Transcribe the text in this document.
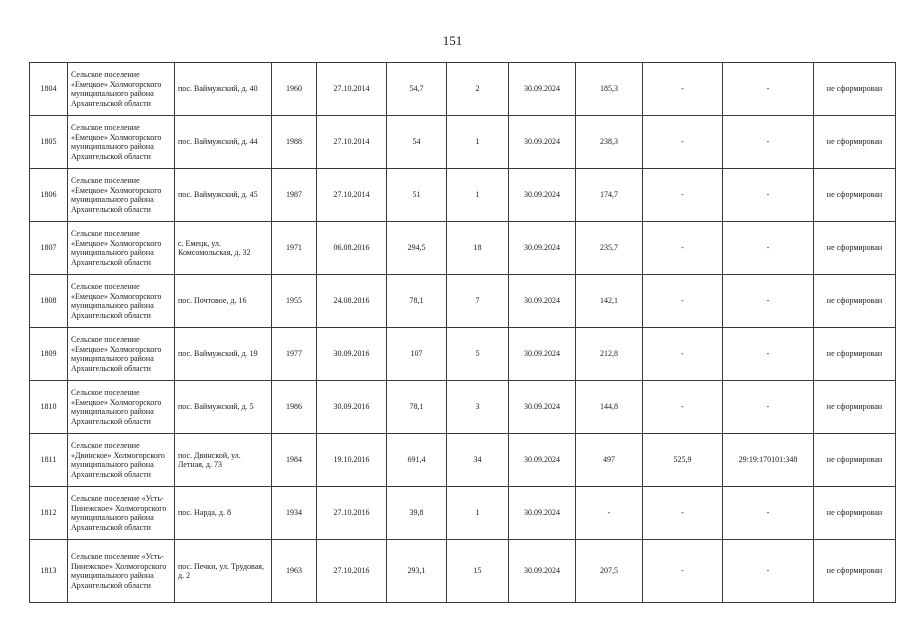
151
1804	Сельское поселение «Емецкое» Холмогорского муниципального района Архангельской области	пос. Ваймужский, д. 40	1960	27.10.2014	54,7	2	30.09.2024	185,3	-	-	не сформирован
1805	Сельское поселение «Емецкое» Холмогорского муниципального района Архангельской области	пос. Ваймужский, д. 44	1988	27.10.2014	54	1	30.09.2024	238,3	-	-	не сформирован
1806	Сельское поселение «Емецкое» Холмогорского муниципального района Архангельской области	пос. Ваймужский, д. 45	1987	27.10.2014	51	1	30.09.2024	174,7	-	-	не сформирован
1807	Сельское поселение «Емецкое» Холмогорского муниципального района Архангельской области	с. Емецк, ул. Комсомольская, д. 32	1971	06.08.2016	294,5	18	30.09.2024	235,7	-	-	не сформирован
1808	Сельское поселение «Емецкое» Холмогорского муниципального района Архангельской области	пос. Почтовое, д. 16	1955	24.08.2016	78,1	7	30.09.2024	142,1	-	-	не сформирован
1809	Сельское поселение «Емецкое» Холмогорского муниципального района Архангельской области	пос. Ваймужский, д. 19	1977	30.09.2016	107	5	30.09.2024	212,8	-	-	не сформирован
1810	Сельское поселение «Емецкое» Холмогорского муниципального района Архангельской области	пос. Ваймужский, д. 5	1986	30.09.2016	78,1	3	30.09.2024	144,8	-	-	не сформирован
1811	Сельское поселение «Двинское» Холмогорского муниципального района Архангельской области	пос. Двинской, ул. Летная, д. 73	1984	19.10.2016	691,4	34	30.09.2024	497	525,9	29:19:170101:348	не сформирован
1812	Сельское поселение «Усть-Пинежское» Холмогорского муниципального района Архангельской области	пос. Нарда, д. 8	1934	27.10.2016	39,8	1	30.09.2024	-	-	-	не сформирован
1813	Сельское поселение «Усть-Пинежское» Холмогорского муниципального района Архангельской области	пос. Печки, ул. Трудовая, д. 2	1963	27.10.2016	293,1	15	30.09.2024	207,5	-	-	не сформирован
